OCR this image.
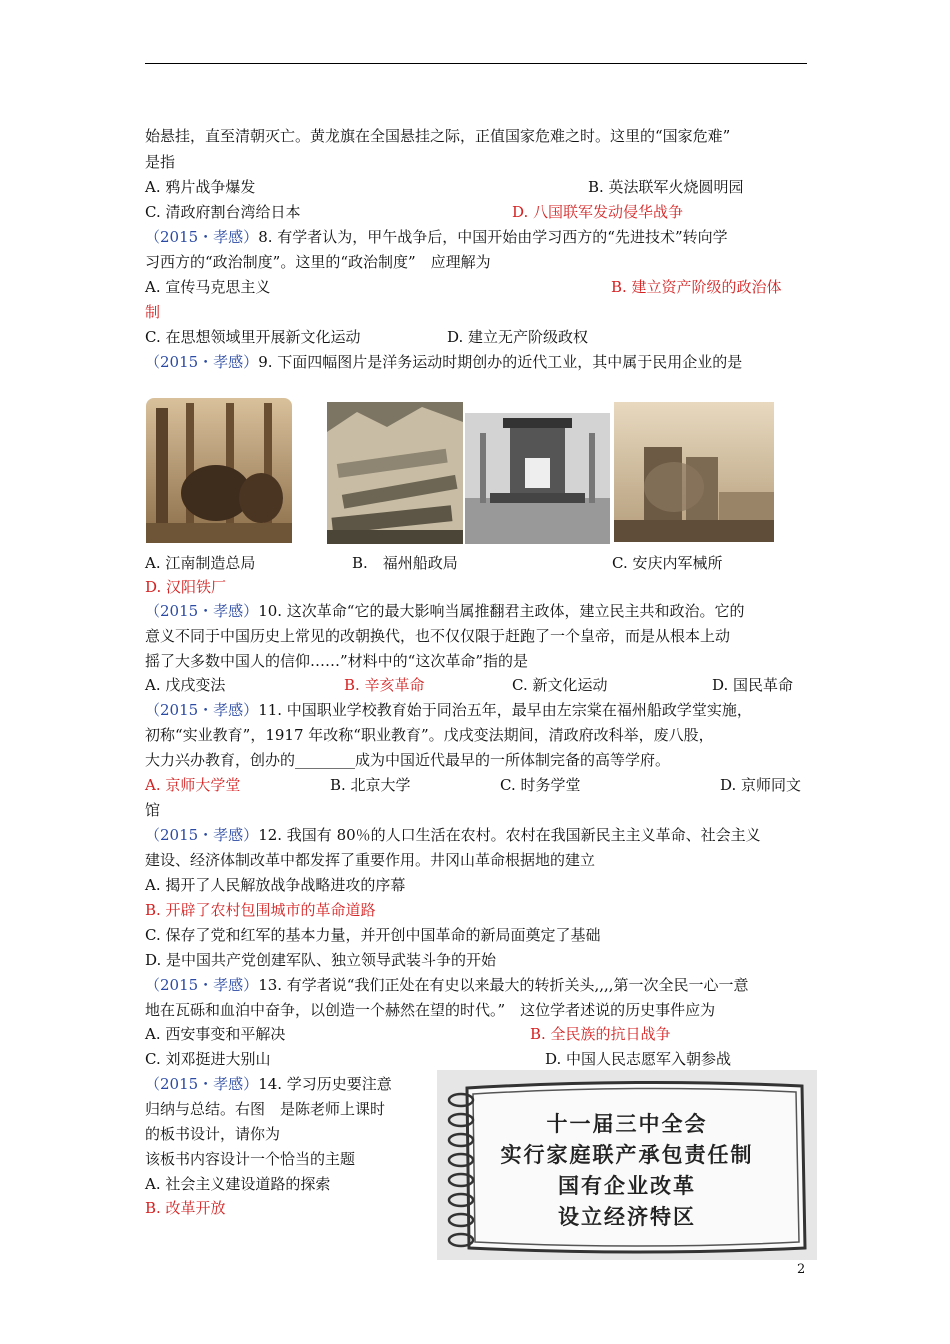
始悬挂，直至清朝灭亡。黄龙旗在全国悬挂之际，正值国家危难之时。这里的“国家危难”
是指
A. 鸦片战争爆发	B. 英法联军火烧圆明园
C. 清政府割台湾给日本	D. 八国联军发动侵华战争
（2015・孝感）8. 有学者认为，甲午战争后，中国开始由学习西方的“先进技术”转向学
习西方的“政治制度”。这里的“政治制度”　应理解为
A. 宣传马克思主义	B. 建立资产阶级的政治体
制
C. 在思想领域里开展新文化运动	D. 建立无产阶级政权
（2015・孝感）9. 下面四幅图片是洋务运动时期创办的近代工业，其中属于民用企业的是
A. 江南制造总局	B.　福州船政局	C. 安庆内军械所
D. 汉阳铁厂
（2015・孝感）10. 这次革命“它的最大影响当属推翻君主政体，建立民主共和政治。它的
意义不同于中国历史上常见的改朝换代，也不仅仅限于赶跑了一个皇帝，而是从根本上动
摇了大多数中国人的信仰……”材料中的“这次革命”指的是
A. 戊戌变法	B. 辛亥革命	C. 新文化运动	D. 国民革命
（2015・孝感）11. 中国职业学校教育始于同治五年，最早由左宗棠在福州船政学堂实施，
初称“实业教育”，1917 年改称“职业教育”。戊戌变法期间，清政府改科举，废八股，
大力兴办教育，创办的________成为中国近代最早的一所体制完备的高等学府。
A. 京师大学堂	B. 北京大学	C. 时务学堂	D. 京师同文
馆
（2015・孝感）12. 我国有 80％的人口生活在农村。农村在我国新民主主义革命、社会主义
建设、经济体制改革中都发挥了重要作用。井冈山革命根据地的建立
A. 揭开了人民解放战争战略进攻的序幕
B. 开辟了农村包围城市的革命道路
C. 保存了党和红军的基本力量，并开创中国革命的新局面奠定了基础
D. 是中国共产党创建军队、独立领导武装斗争的开始
（2015・孝感）13. 有学者说“我们正处在有史以来最大的转折关头,,,,第一次全民一心一意
地在瓦砾和血泊中奋争，以创造一个赫然在望的时代。”　这位学者述说的历史事件应为
A. 西安事变和平解决	B. 全民族的抗日战争
C. 刘邓挺进大别山	D. 中国人民志愿军入朝参战
（2015・孝感）14. 学习历史要注意
归纳与总结。右图　是陈老师上课时
的板书设计，请你为
该板书内容设计一个恰当的主题
A. 社会主义建设道路的探索
B. 改革开放
十一届三中全会
实行家庭联产承包责任制
国有企业改革
设立经济特区
2
